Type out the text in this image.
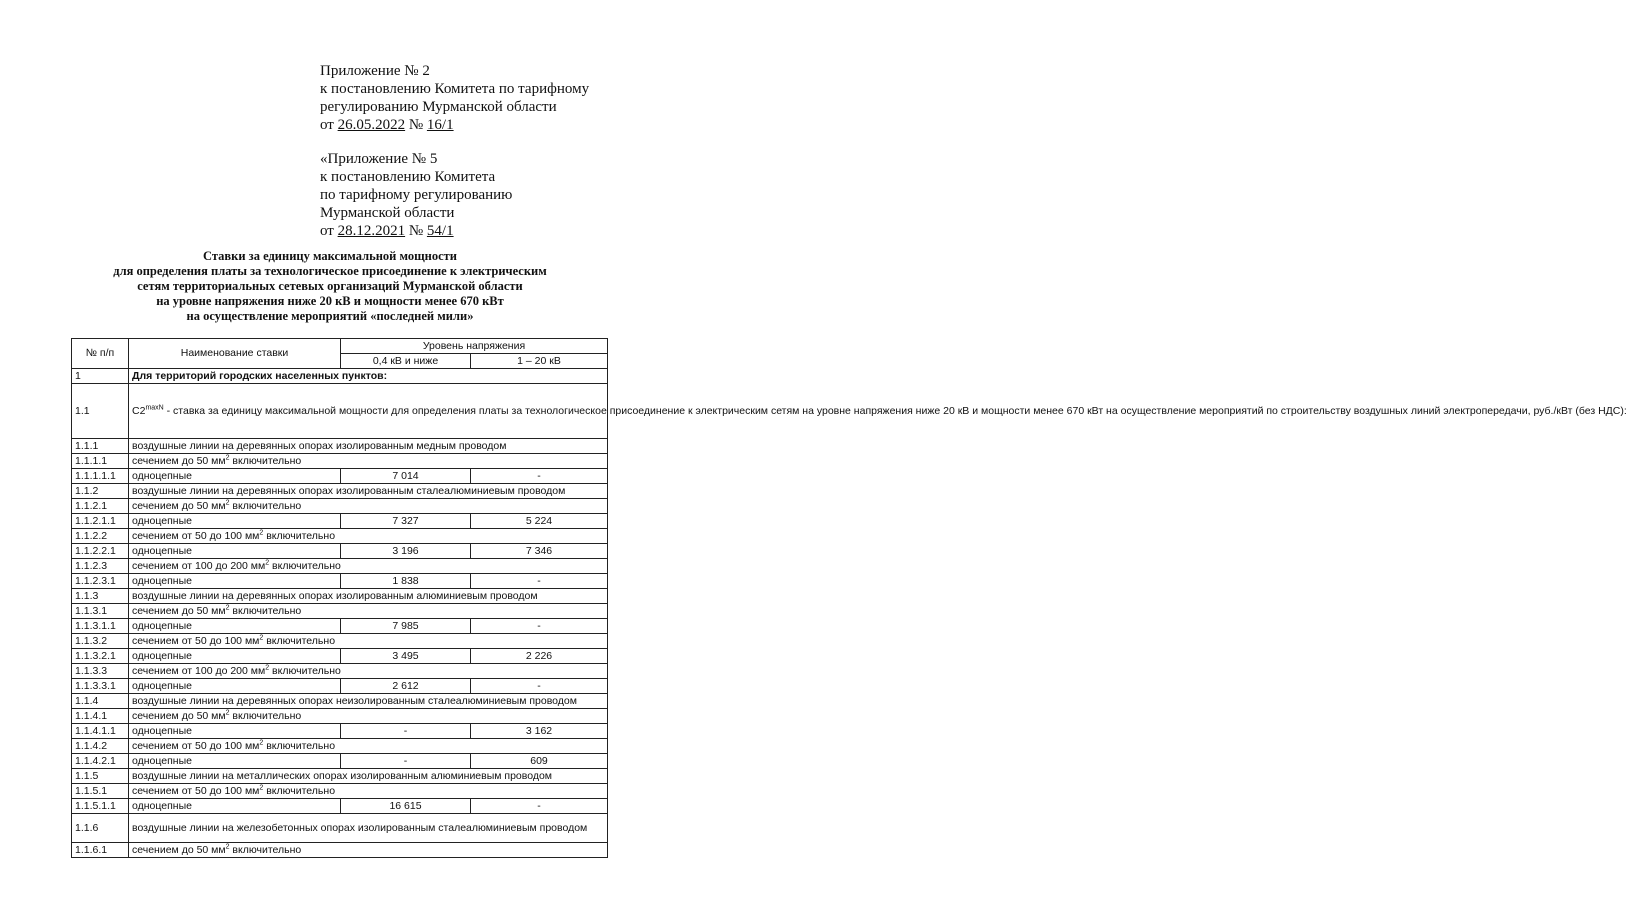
Приложение № 2
к постановлению Комитета по тарифному
регулированию Мурманской области
от 26.05.2022 № 16/1
«Приложение № 5
к постановлению Комитета
по тарифному регулированию
Мурманской области
от 28.12.2021 № 54/1
Ставки за единицу максимальной мощности
для определения платы за технологическое присоединение к электрическим
сетям территориальных сетевых организаций Мурманской области
на уровне напряжения ниже 20 кВ и мощности менее 670 кВт
на осуществление мероприятий «последней мили»
№ п/п	Наименование ставки	Уровень напряжения	
		0,4 кВ и ниже	1 – 20 кВ
1	Для территорий городских населенных пунктов:		
1.1	$C2^{maxN}$ - ставка за единицу максимальной мощности для определения платы за технологическое присоединение к электрическим сетям на уровне напряжения ниже 20 кВ и мощности менее 670 кВт на осуществление мероприятий по строительству воздушных линий электропередачи, руб./кВт (без НДС):		
1.1.1	воздушные линии на деревянных опорах изолированным медным проводом		
1.1.1.1	сечением до 50 $мм^2$ включительно		
1.1.1.1.1	одноцепные	7 014	-
1.1.2	воздушные линии на деревянных опорах изолированным сталеалюминиевым проводом		
1.1.2.1	сечением до 50 $мм^2$ включительно		
1.1.2.1.1	одноцепные	7 327	5 224
1.1.2.2	сечением от 50 до 100 $мм^2$ включительно		
1.1.2.2.1	одноцепные	3 196	7 346
1.1.2.3	сечением от 100 до 200 $мм^2$ включительно		
1.1.2.3.1	одноцепные	1 838	-
1.1.3	воздушные линии на деревянных опорах изолированным алюминиевым проводом		
1.1.3.1	сечением до 50 $мм^2$ включительно		
1.1.3.1.1	одноцепные	7 985	-
1.1.3.2	сечением от 50 до 100 $мм^2$ включительно		
1.1.3.2.1	одноцепные	3 495	2 226
1.1.3.3	сечением от 100 до 200 $мм^2$ включительно		
1.1.3.3.1	одноцепные	2 612	-
1.1.4	воздушные линии на деревянных опорах неизолированным сталеалюминиевым проводом		
1.1.4.1	сечением до 50 $мм^2$ включительно		
1.1.4.1.1	одноцепные	-	3 162
1.1.4.2	сечением от 50 до 100 $мм^2$ включительно		
1.1.4.2.1	одноцепные	-	609
1.1.5	воздушные линии на металлических опорах изолированным алюминиевым проводом		
1.1.5.1	сечением от 50 до 100 $мм^2$ включительно		
1.1.5.1.1	одноцепные	16 615	-
1.1.6	воздушные линии на железобетонных опорах изолированным сталеалюминиевым проводом		
1.1.6.1	сечением до 50 $мм^2$ включительно		
